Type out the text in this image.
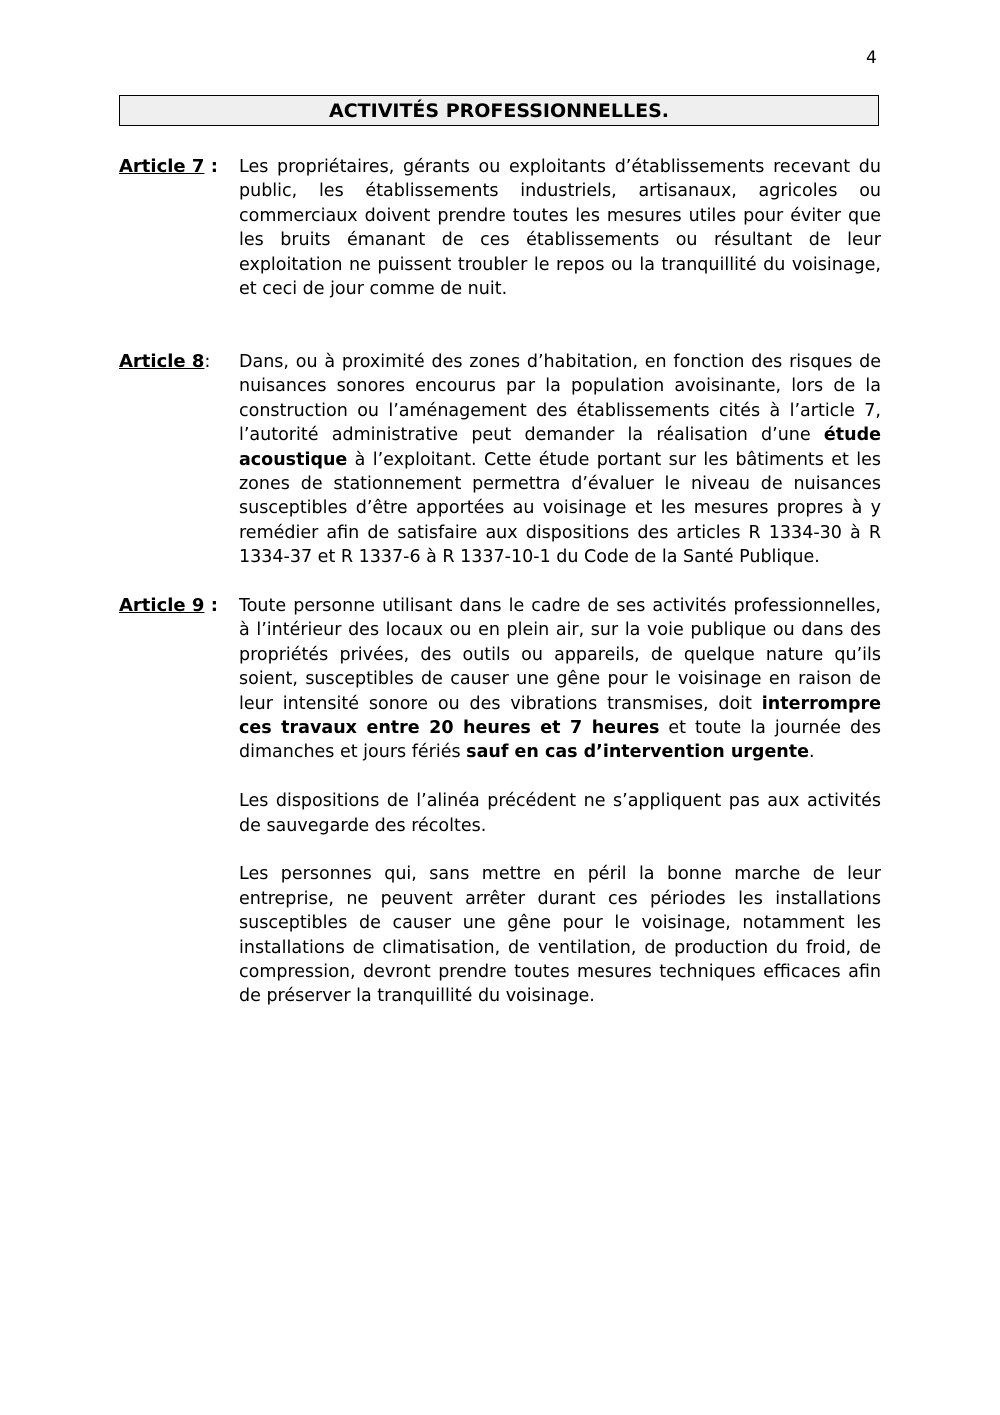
4
ACTIVITÉS PROFESSIONNELLES.
Article 7 : Les propriétaires, gérants ou exploitants d’établissements recevant du public, les établissements industriels, artisanaux, agricoles ou commerciaux doivent prendre toutes les mesures utiles pour éviter que les bruits émanant de ces établissements ou résultant de leur exploitation ne puissent troubler le repos ou la tranquillité du voisinage, et ceci de jour comme de nuit.

Article 8: Dans, ou à proximité des zones d’habitation, en fonction des risques de nuisances sonores encourus par la population avoisinante, lors de la construction ou l’aménagement des établissements cités à l’article 7, l’autorité administrative peut demander la réalisation d’une étude acoustique à l’exploitant. Cette étude portant sur les bâtiments et les zones de stationnement permettra d’évaluer le niveau de nuisances susceptibles d’être apportées au voisinage et les mesures propres à y remédier afin de satisfaire aux dispositions des articles R 1334-30 à R 1334-37 et R 1337-6 à R 1337-10-1 du Code de la Santé Publique.

Article 9 : Toute personne utilisant dans le cadre de ses activités professionnelles, à l’intérieur des locaux ou en plein air, sur la voie publique ou dans des propriétés privées, des outils ou appareils, de quelque nature qu’ils soient, susceptibles de causer une gêne pour le voisinage en raison de leur intensité sonore ou des vibrations transmises, doit interrompre ces travaux entre 20 heures et 7 heures et toute la journée des dimanches et jours fériés sauf en cas d’intervention urgente.

Les dispositions de l’alinéa précédent ne s’appliquent pas aux activités de sauvegarde des récoltes.

Les personnes qui, sans mettre en péril la bonne marche de leur entreprise, ne peuvent arrêter durant ces périodes les installations susceptibles de causer une gêne pour le voisinage, notamment les installations de climatisation, de ventilation, de production du froid, de compression, devront prendre toutes mesures techniques efficaces afin de préserver la tranquillité du voisinage.
